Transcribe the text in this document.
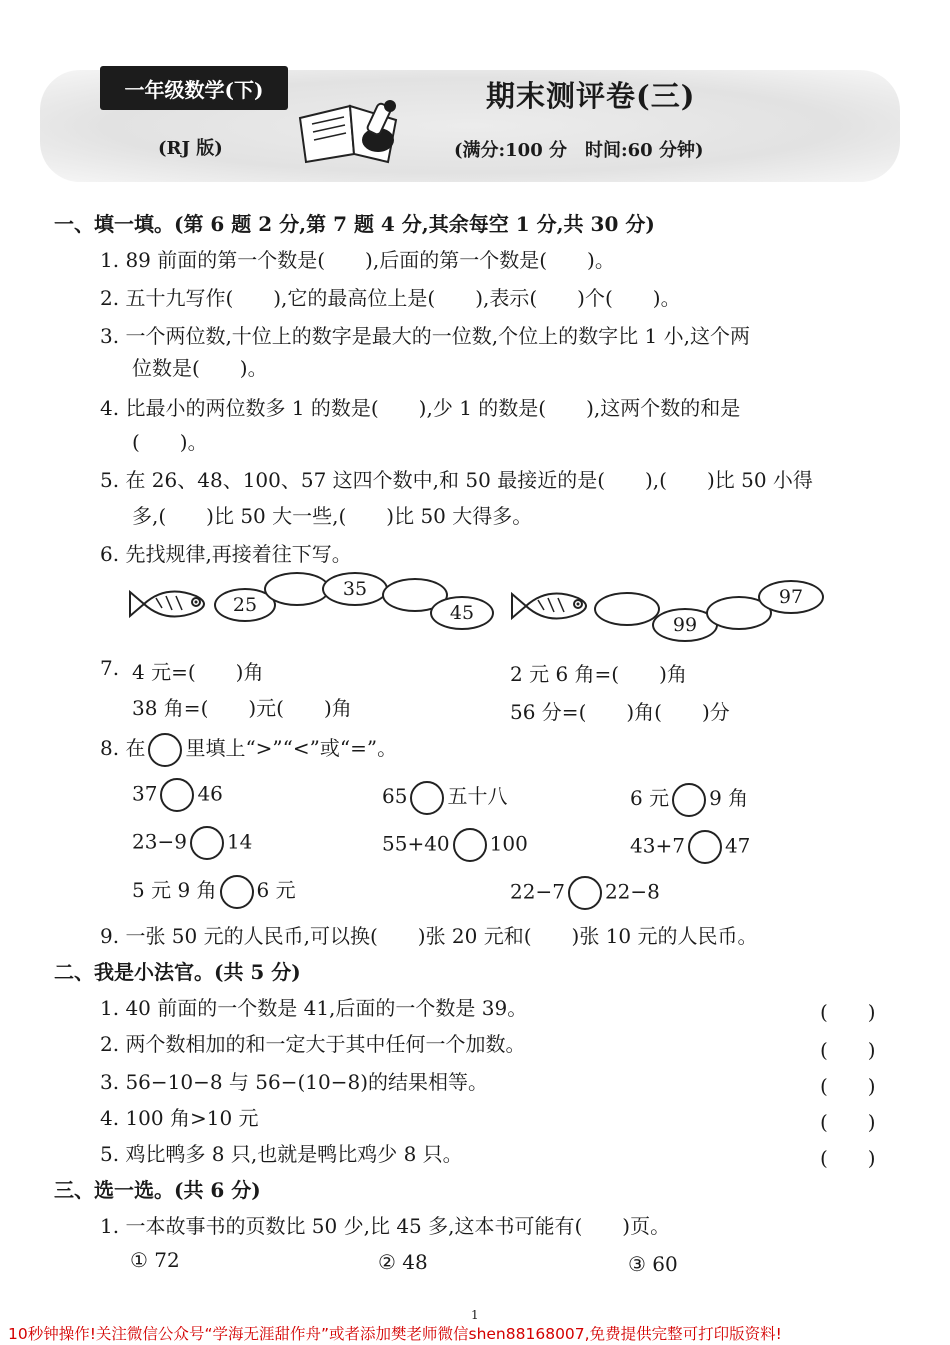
一年级数学(下)
(RJ 版)
期末测评卷(三)
(满分:100 分　时间:60 分钟)
一、填一填。(第 6 题 2 分,第 7 题 4 分,其余每空 1 分,共 30 分)
1. 89 前面的第一个数是(　　),后面的第一个数是(　　)。
2. 五十九写作(　　),它的最高位上是(　　),表示(　　)个(　　)。
3. 一个两位数,十位上的数字是最大的一位数,个位上的数字比 1 小,这个两
位数是(　　)。
4. 比最小的两位数多 1 的数是(　　),少 1 的数是(　　),这两个数的和是
(　　)。
5. 在 26、48、100、57 这四个数中,和 50 最接近的是(　　),(　　)比 50 小得
多,(　　)比 50 大一些,(　　)比 50 大得多。
6. 先找规律,再接着往下写。
25
35
45
99
97
7. 4 元=(　　)角	2 元 6 角=(　　)角
38 角=(　　)元(　　)角	56 分=(　　)角(　　)分
8. 在 里填上“>”“<”或“=”。
37 46	65 五十八	6 元 9 角
23−9 14	55+40 100	43+7 47
5 元 9 角 6 元	22−7 22−8
9. 一张 50 元的人民币,可以换(　　)张 20 元和(　　)张 10 元的人民币。
二、我是小法官。(共 5 分)
1. 40 前面的一个数是 41,后面的一个数是 39。	(　　)
2. 两个数相加的和一定大于其中任何一个加数。	(　　)
3. 56−10−8 与 56−(10−8)的结果相等。	(　　)
4. 100 角>10 元	(　　)
5. 鸡比鸭多 8 只,也就是鸭比鸡少 8 只。	(　　)
三、选一选。(共 6 分)
1. 一本故事书的页数比 50 少,比 45 多,这本书可能有(　　)页。
① 72	② 48	③ 60
1
10秒钟操作!关注微信公众号“学海无涯甜作舟”或者添加樊老师微信shen88168007,免费提供完整可打印版资料!
